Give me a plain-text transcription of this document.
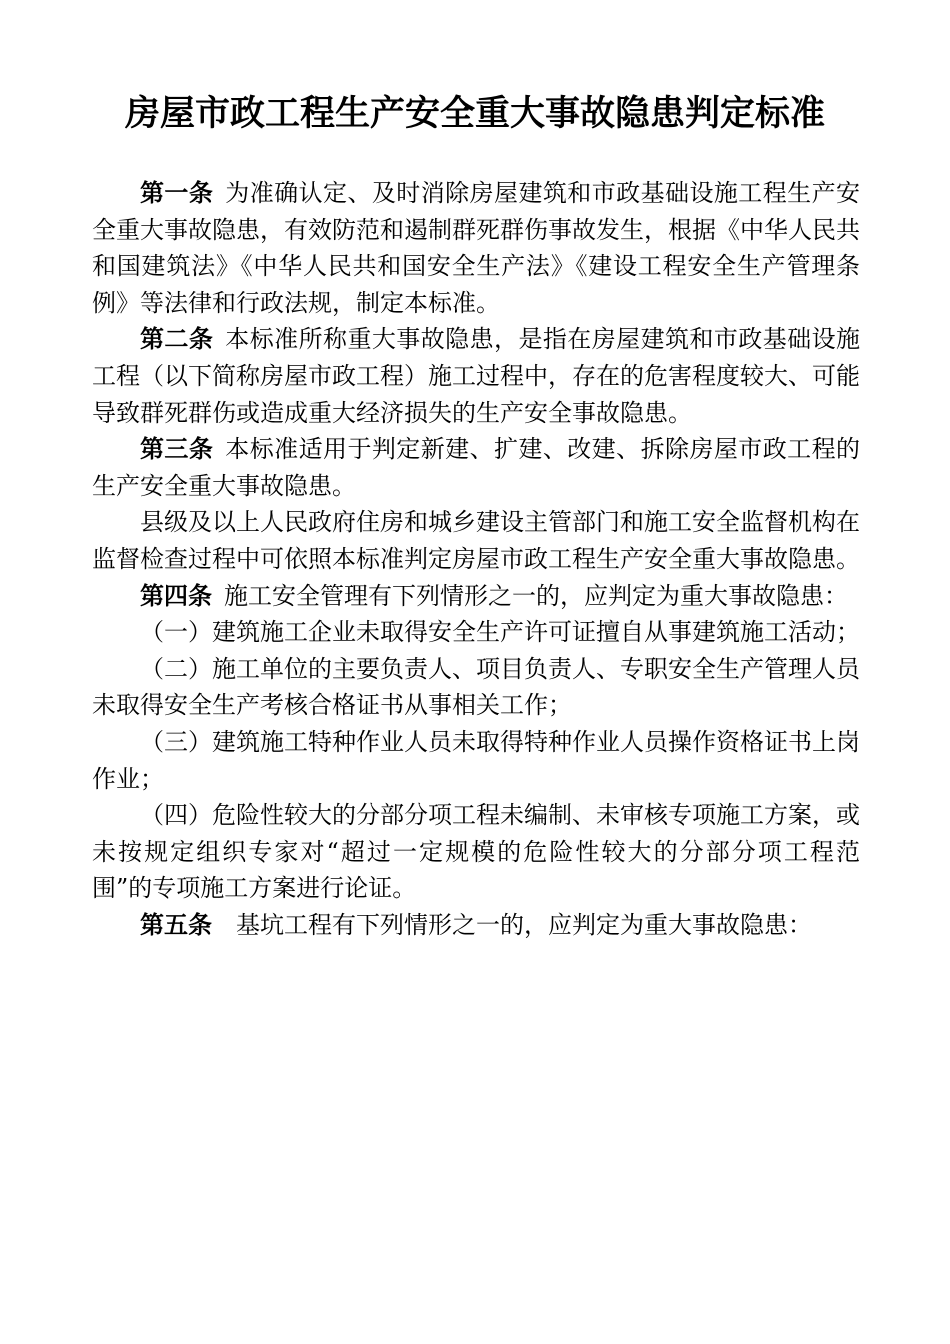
房屋市政工程生产安全重大事故隐患判定标准

第一条 为准确认定、及时消除房屋建筑和市政基础设施工程生产安全重大事故隐患，有效防范和遏制群死群伤事故发生，根据《中华人民共和国建筑法》《中华人民共和国安全生产法》《建设工程安全生产管理条例》等法律和行政法规，制定本标准。

第二条 本标准所称重大事故隐患，是指在房屋建筑和市政基础设施工程（以下简称房屋市政工程）施工过程中，存在的危害程度较大、可能导致群死群伤或造成重大经济损失的生产安全事故隐患。

第三条 本标准适用于判定新建、扩建、改建、拆除房屋市政工程的生产安全重大事故隐患。

县级及以上人民政府住房和城乡建设主管部门和施工安全监督机构在监督检查过程中可依照本标准判定房屋市政工程生产安全重大事故隐患。

第四条 施工安全管理有下列情形之一的，应判定为重大事故隐患：

（一）建筑施工企业未取得安全生产许可证擅自从事建筑施工活动；

（二）施工单位的主要负责人、项目负责人、专职安全生产管理人员未取得安全生产考核合格证书从事相关工作；

（三）建筑施工特种作业人员未取得特种作业人员操作资格证书上岗作业；

（四）危险性较大的分部分项工程未编制、未审核专项施工方案，或未按规定组织专家对“超过一定规模的危险性较大的分部分项工程范围”的专项施工方案进行论证。

第五条 基坑工程有下列情形之一的，应判定为重大事故隐患：
